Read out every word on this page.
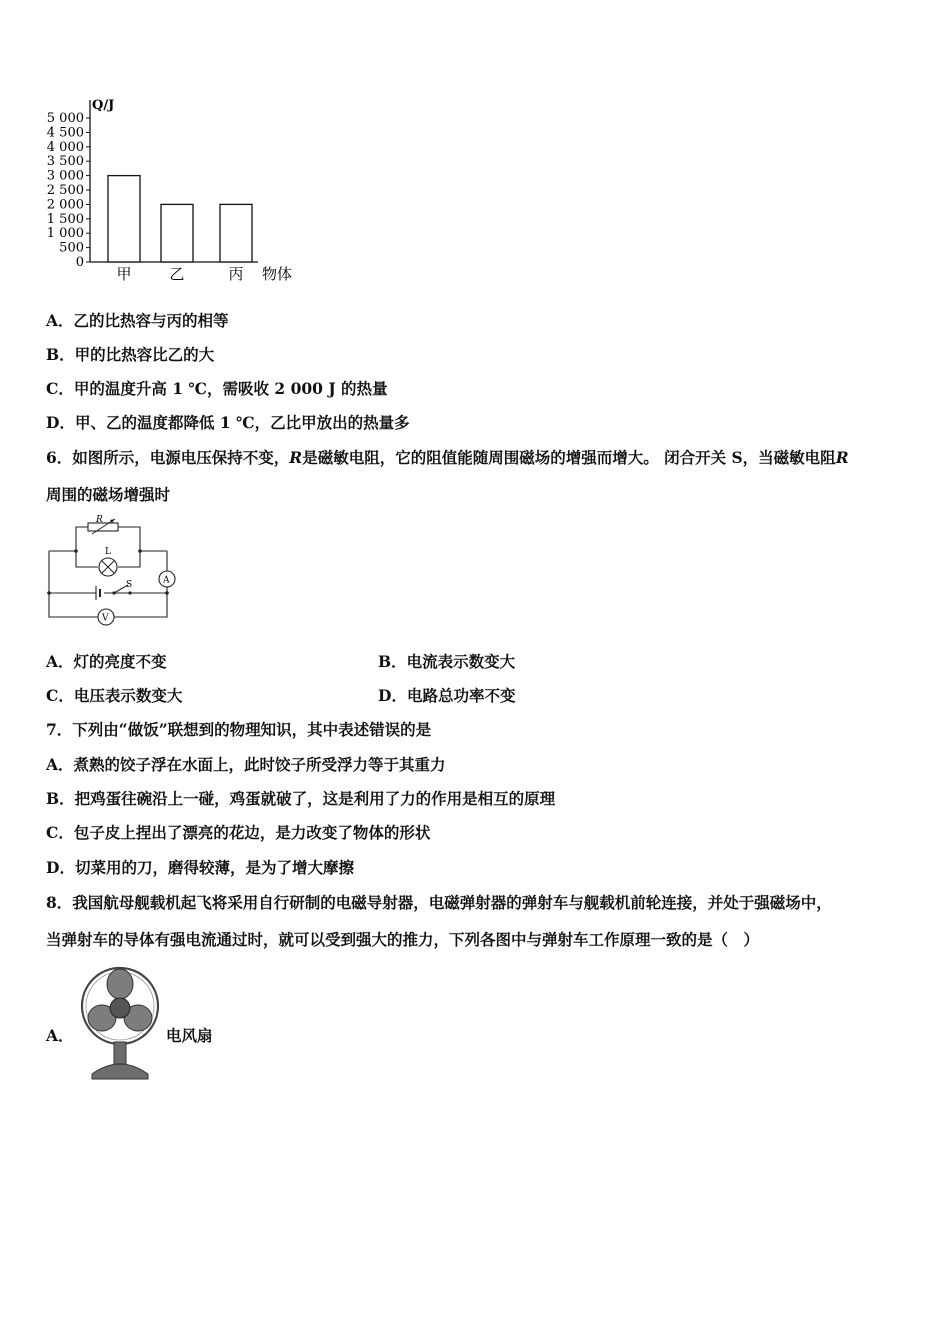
0
500
1 000
1 500
2 000
2 500
3 000
3 500
4 000
4 500
5 000
Q/J
甲	乙	丙 物体
A．乙的比热容与丙的相等
B．甲的比热容比乙的大
C．甲的温度升高 1 ℃，需吸收 2 000 J 的热量
D．甲、乙的温度都降低 1 ℃，乙比甲放出的热量多
6．如图所示，电源电压保持不变，R是磁敏电阻，它的阻值能随周围磁场的增强而增大。 闭合开关 S，当磁敏电阻R
周围的磁场增强时
R
L
A
S
V
A．灯的亮度不变	B．电流表示数变大
C．电压表示数变大	D．电路总功率不变
7．下列由“做饭”联想到的物理知识，其中表述错误的是
A．煮熟的饺子浮在水面上，此时饺子所受浮力等于其重力
B．把鸡蛋往碗沿上一碰，鸡蛋就破了，这是利用了力的作用是相互的原理
C．包子皮上捏出了漂亮的花边，是力改变了物体的形状
D．切菜用的刀，磨得较薄，是为了增大摩擦
8．我国航母舰载机起飞将采用自行研制的电磁导射器，电磁弹射器的弹射车与舰载机前轮连接，并处于强磁场中，
当弹射车的导体有强电流通过时，就可以受到强大的推力，下列各图中与弹射车工作原理一致的是（　）
A．	电风扇
